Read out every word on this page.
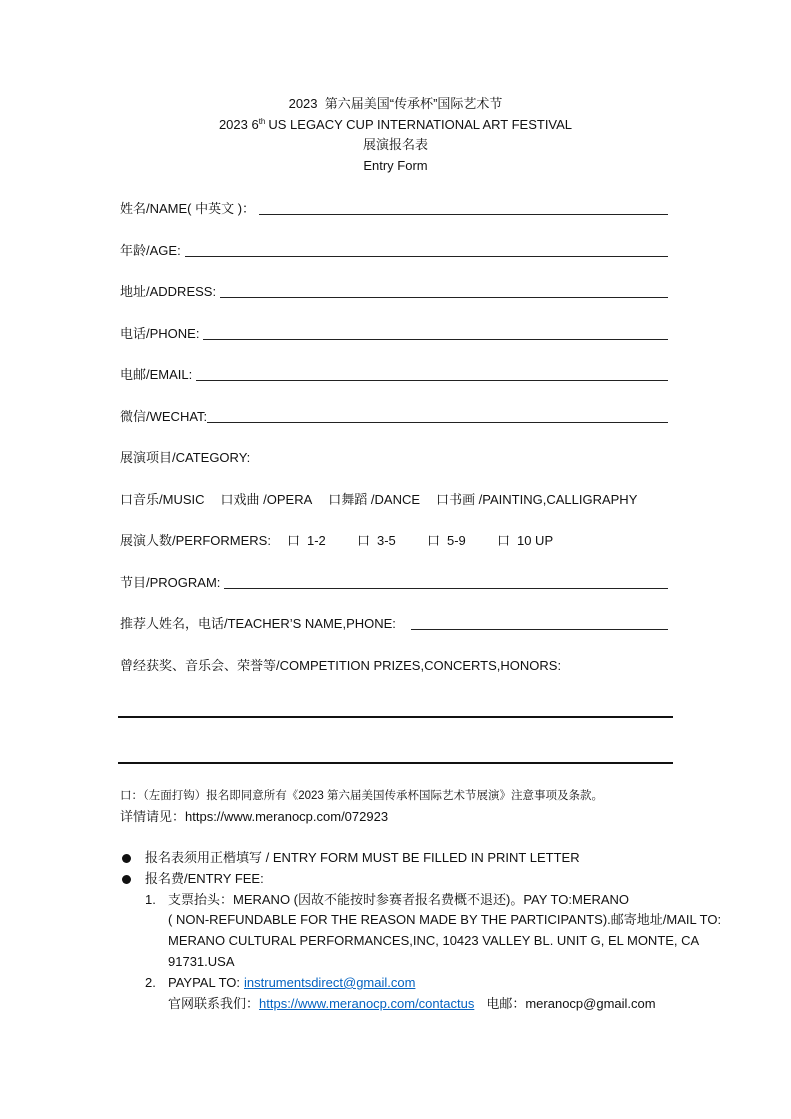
2023  第六届美国“传承杯”国际艺术节
2023 6 th US LEGACY CUP INTERNATIONAL ART FESTIVAL
展演报名表
Entry Form
姓名/NAME( 中英文 )：
年龄/AGE:
地址/ADDRESS:
电话/PHONE:
电邮/EMAIL:
微信/WECHAT:
展演项目/CATEGORY:
口 音乐/MUSIC 口 戏曲 /OPERA 口 舞蹈 /DANCE 口 书画 /PAINTING,CALLIGRAPHY
展演人数/PERFORMERS: 口 1-2 口 3-5 口 5-9 口 10 UP
节目/PROGRAM:
推荐人姓名，电话/TEACHER’S NAME,PHONE:
曾经获奖、音乐会、荣誉等/COMPETITION PRIZES,CONCERTS,HONORS:
口 ：（左面打钩）报名即同意所有《2023 第六届美国传承杯国际艺术节展演》注意事项及条款。
详情请见： https://www.meranocp.com/072923
报名表须用正楷填写 / ENTRY FORM MUST BE FILLED IN PRINT LETTER
报名费/ENTRY FEE:
1. 支票抬头：MERANO (因故不能按时参赛者报名费概不退还)。PAY TO:MERANO
( NON-REFUNDABLE FOR THE REASON MADE BY THE PARTICIPANTS).邮寄地址/MAIL TO:
MERANO CULTURAL PERFORMANCES,INC, 10423 VALLEY BL. UNIT G, EL MONTE, CA
91731.USA
2. PAYPAL TO: instrumentsdirect@gmail.com
官网联系我们： https://www.meranocp.com/contactus 电邮： meranocp@gmail.com
